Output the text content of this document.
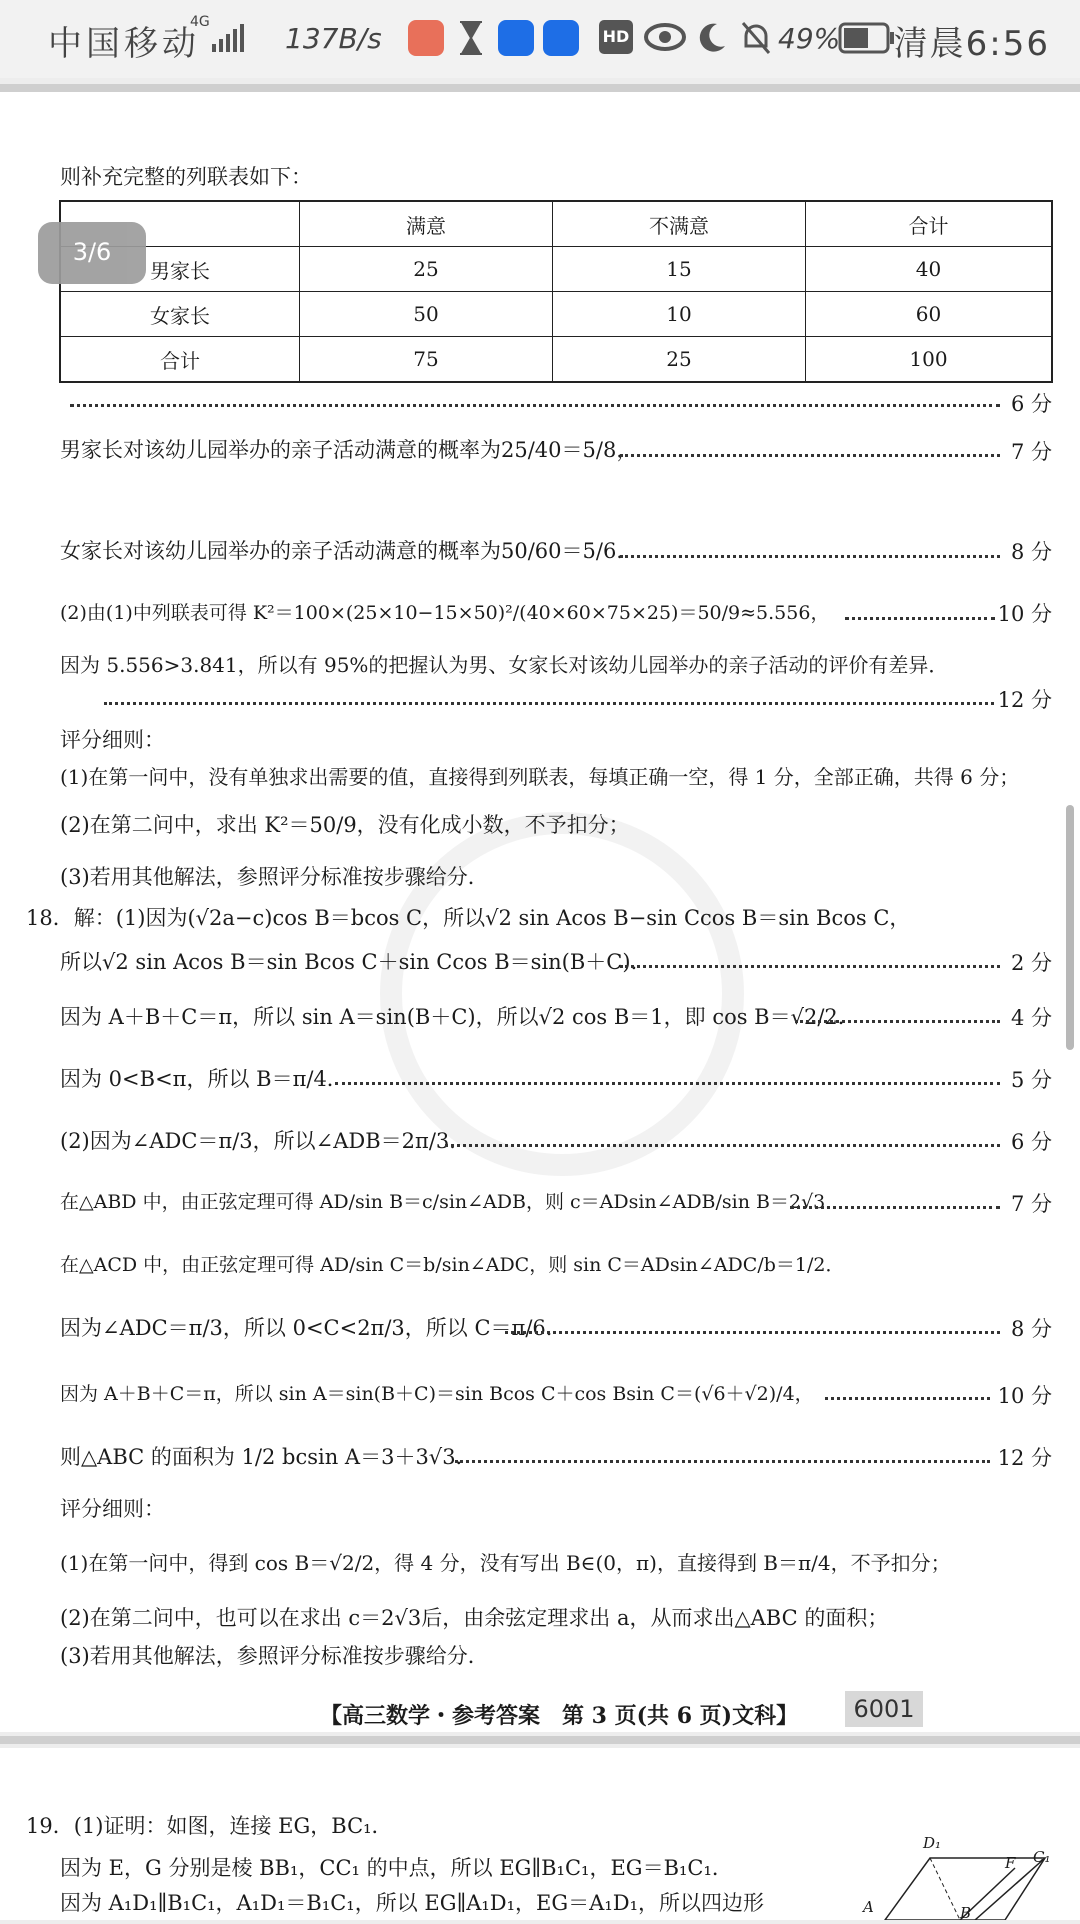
中国移动
4G	137B/s	HD	49% 清晨6:56
则补充完整的列联表如下：
	满意	不满意	合计
男家长	25	15	40
女家长	50	10	60
合计	75	25	100
3/6
6 分
男家长对该幼儿园举办的亲子活动满意的概率为25/40＝5/8，	7 分
女家长对该幼儿园举办的亲子活动满意的概率为50/60＝5/6．	8 分
(2)由(1)中列联表可得 K²＝100×(25×10−15×50)²/(40×60×75×25)＝50/9≈5.556，	10 分
因为 5.556>3.841，所以有 95%的把握认为男、女家长对该幼儿园举办的亲子活动的评价有差异．
12 分
评分细则：
(1)在第一问中，没有单独求出需要的值，直接得到列联表，每填正确一空，得 1 分，全部正确，共得 6 分；
(2)在第二问中，求出 K²＝50/9，没有化成小数，不予扣分；
(3)若用其他解法，参照评分标准按步骤给分．
18．解：(1)因为(√2a−c)cos B＝bcos C，所以√2 sin Acos B−sin Ccos B＝sin Bcos C，
所以√2 sin Acos B＝sin Bcos C＋sin Ccos B＝sin(B＋C)．	2 分
因为 A＋B＋C＝π，所以 sin A＝sin(B＋C)，所以√2 cos B＝1，即 cos B＝√2/2．	4 分
因为 0<B<π，所以 B＝π/4．	5 分
(2)因为∠ADC＝π/3，所以∠ADB＝2π/3．	6 分
在△ABD 中，由正弦定理可得 AD/sin B＝c/sin∠ADB，则 c＝ADsin∠ADB/sin B＝2√3．	7 分
在△ACD 中，由正弦定理可得 AD/sin C＝b/sin∠ADC，则 sin C＝ADsin∠ADC/b＝1/2．
因为∠ADC＝π/3，所以 0<C<2π/3，所以 C＝π/6．	8 分
因为 A＋B＋C＝π，所以 sin A＝sin(B＋C)＝sin Bcos C＋cos Bsin C＝(√6＋√2)/4，	10 分
则△ABC 的面积为 1/2 bcsin A＝3＋3√3．	12 分
评分细则：
(1)在第一问中，得到 cos B＝√2/2，得 4 分，没有写出 B∈(0，π)，直接得到 B＝π/4，不予扣分；
(2)在第二问中，也可以在求出 c＝2√3后，由余弦定理求出 a，从而求出△ABC 的面积；
(3)若用其他解法，参照评分标准按步骤给分．
【高三数学・参考答案　第 3 页(共 6 页)文科】	6001
19．(1)证明：如图，连接 EG，BC₁．
因为 E，G 分别是棱 BB₁，CC₁ 的中点，所以 EG∥B₁C₁，EG＝B₁C₁．
因为 A₁D₁∥B₁C₁，A₁D₁＝B₁C₁，所以 EG∥A₁D₁，EG＝A₁D₁，所以四边形
D₁
C₁
F
A	B
